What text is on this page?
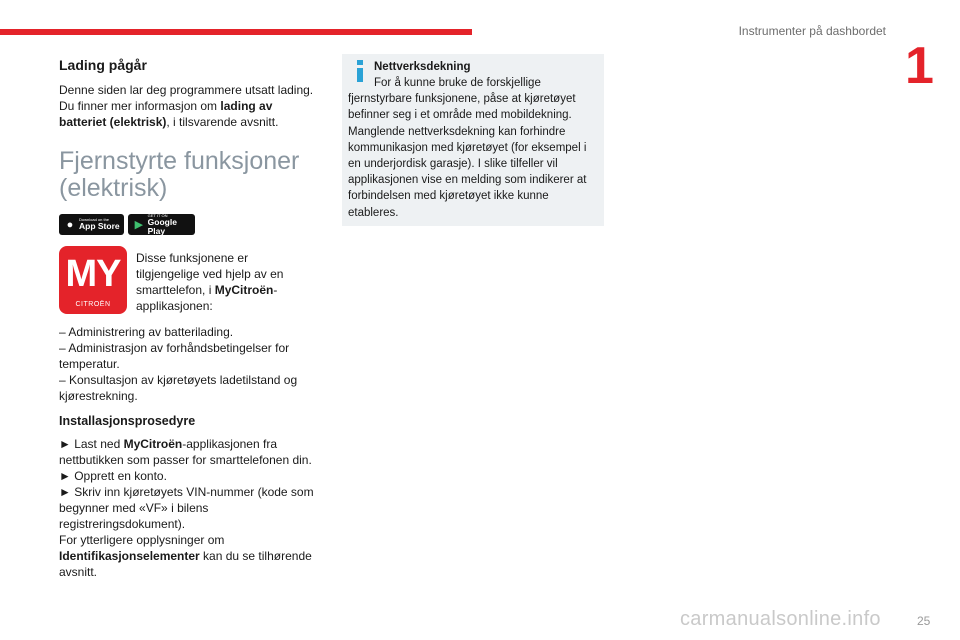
Instrumenter på dashbordet
1
Lading pågår

Denne siden lar deg programmere utsatt lading. Du finner mer informasjon om lading av batteriet (elektrisk), i tilsvarende avsnitt.

Fjernstyrte funksjoner (elektrisk)
●	Download on the
App Store ▶
GET IT ON
Google Play
MY
CITROËN

Disse funksjonene er tilgjengelige ved hjelp av en smarttelefon, i MyCitroën-applikasjonen:

– Administrering av batterilading.

– Administrasjon av forhåndsbetingelser for temperatur.

– Konsultasjon av kjøretøyets ladetilstand og kjørestrekning.

Installasjonsprosedyre

► Last ned MyCitroën-applikasjonen fra nettbutikken som passer for smarttelefonen din.

► Opprett en konto.

► Skriv inn kjøretøyets VIN-nummer (kode som begynner med «VF» i bilens registreringsdokument).

For ytterligere opplysninger om Identifikasjonselementer kan du se tilhørende avsnitt.

Nettverksdekning
For å kunne bruke de forskjellige fjernstyrbare funksjonene, påse at kjøretøyet befinner seg i et område med mobildekning. Manglende nettverksdekning kan forhindre kommunikasjon med kjøretøyet (for eksempel i en underjordisk garasje). I slike tilfeller vil applikasjonen vise en melding som indikerer at forbindelsen med kjøretøyet ikke kunne etableres.
carmanualsonline.info	25
